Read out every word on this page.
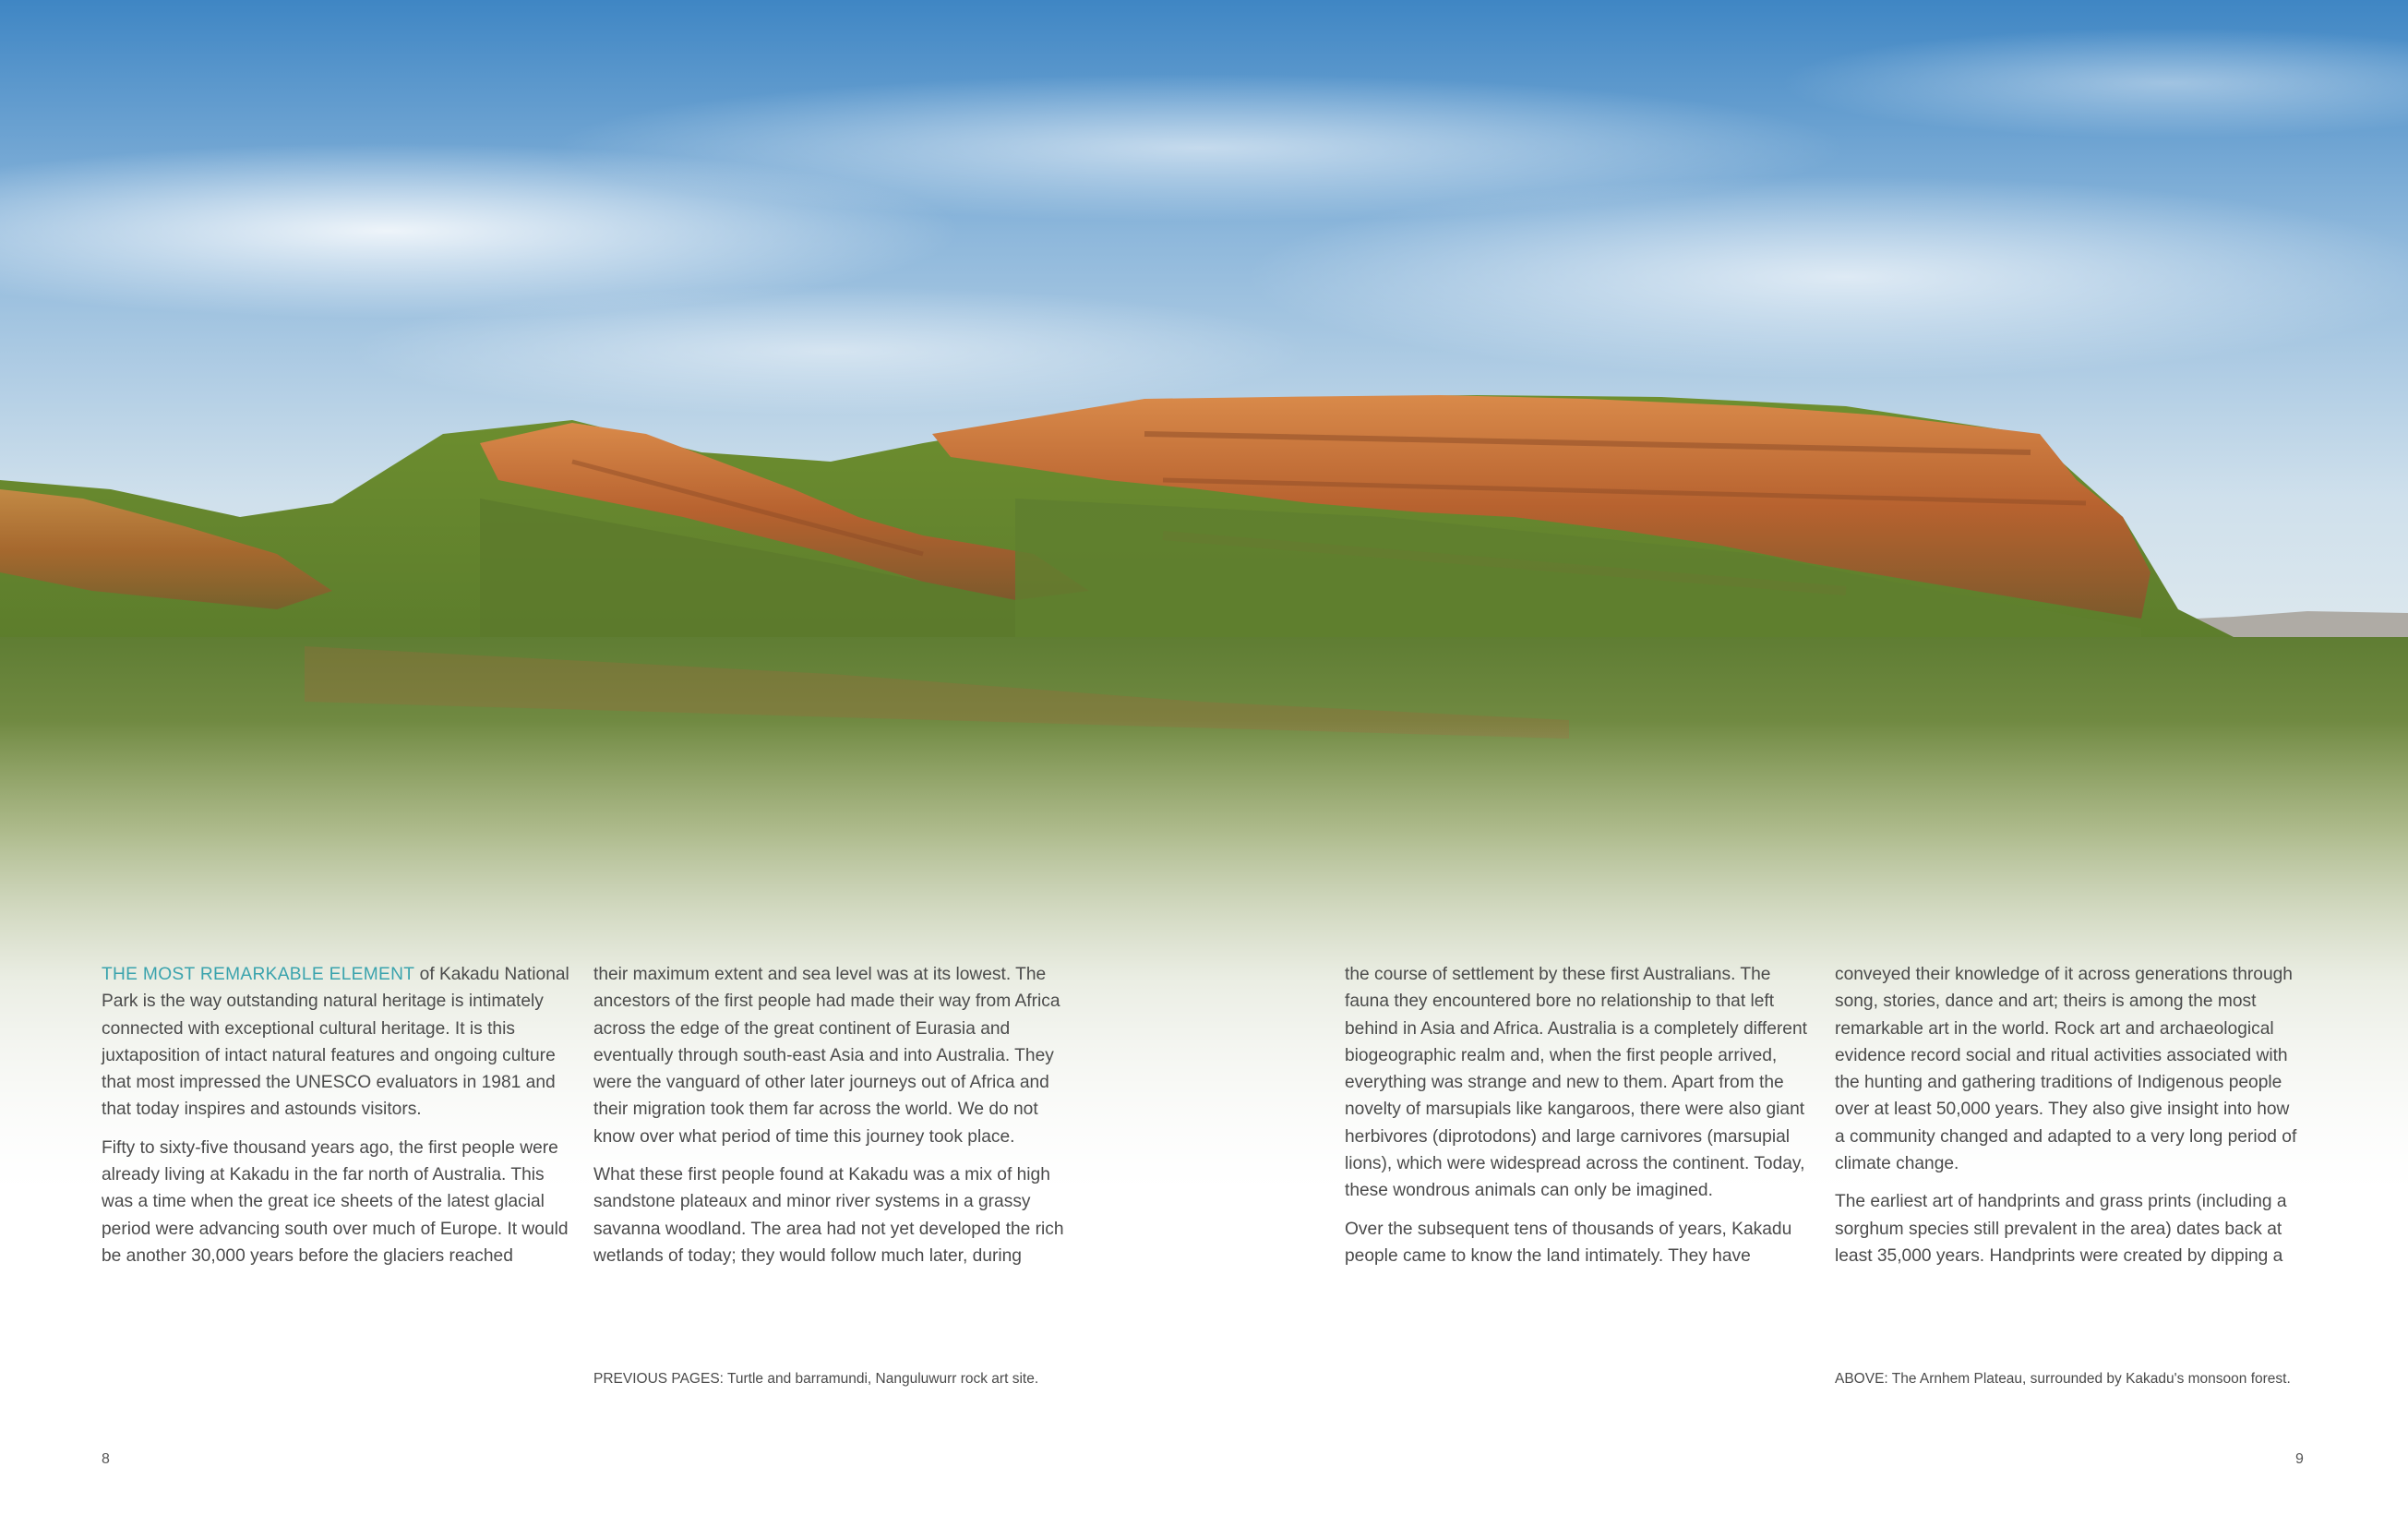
THE MOST REMARKABLE ELEMENT of Kakadu National Park is the way outstanding natural heritage is intimately connected with exceptional cultural heritage. It is this juxtaposition of intact natural features and ongoing culture that most impressed the UNESCO evaluators in 1981 and that today inspires and astounds visitors.

Fifty to sixty-five thousand years ago, the first people were already living at Kakadu in the far north of Australia. This was a time when the great ice sheets of the latest glacial period were advancing south over much of Europe. It would be another 30,000 years before the glaciers reached

their maximum extent and sea level was at its lowest. The ancestors of the first people had made their way from Africa across the edge of the great continent of Eurasia and eventually through south-east Asia and into Australia. They were the vanguard of other later journeys out of Africa and their migration took them far across the world. We do not know over what period of time this journey took place.

What these first people found at Kakadu was a mix of high sandstone plateaux and minor river systems in a grassy savanna woodland. The area had not yet developed the rich wetlands of today; they would follow much later, during

the course of settlement by these first Australians. The fauna they encountered bore no relationship to that left behind in Asia and Africa. Australia is a completely different biogeographic realm and, when the first people arrived, everything was strange and new to them. Apart from the novelty of marsupials like kangaroos, there were also giant herbivores (diprotodons) and large carnivores (marsupial lions), which were widespread across the continent. Today, these wondrous animals can only be imagined.

Over the subsequent tens of thousands of years, Kakadu people came to know the land intimately. They have

conveyed their knowledge of it across generations through song, stories, dance and art; theirs is among the most remarkable art in the world. Rock art and archaeological evidence record social and ritual activities associated with the hunting and gathering traditions of Indigenous people over at least 50,000 years. They also give insight into how a community changed and adapted to a very long period of climate change.

The earliest art of handprints and grass prints (including a sorghum species still prevalent in the area) dates back at least 35,000 years. Handprints were created by dipping a

PREVIOUS PAGES: Turtle and barramundi, Nanguluwurr rock art site.	ABOVE: The Arnhem Plateau, surrounded by Kakadu's monsoon forest.
8	9
